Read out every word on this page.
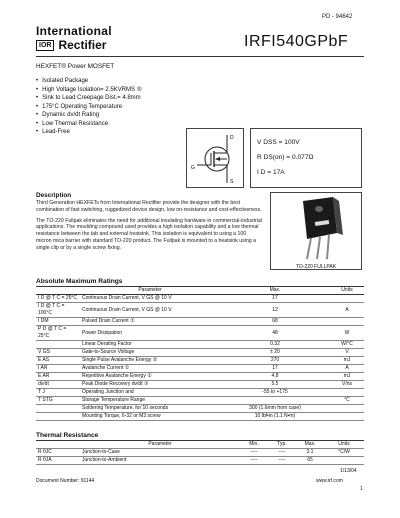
PD - 94642
International
IOR Rectifier	IRFI540GPbF
HEXFET® Power MOSFET
• Isolated Package
• High Voltage Isolation= 2.5KVRMS ⑤
• Sink to Lead Creepage Dist.= 4.8mm
• 175°C Operating Temperature
• Dynamic dv/dt Rating
• Low Thermal Resistance
• Lead-Free
G
D
S
V DSS = 100V
R DS(on) = 0.077Ω
I D = 17A
Description

Third Generation HEXFETs from International Rectifier provide the designer with the best combination of fast switching, ruggedized device design, low on-resistance and cost-effectiveness.

The TO-220 Fullpak eliminates the need for additional insulating hardware in commercial-industrial applications. The moulding compound used provides a high isolation capability and a low thermal resistance between the tab and external heatsink. This isolation is equivalent to using a 100 micron mica barrier with standard TO-220 product. The Fullpak is mounted to a heatsink using a single clip or by a single screw fixing.

TO-220 FULLPAK
Absolute Maximum Ratings
	Parameter	Max.	Units
I D @ T C = 25°C	Continuous Drain Current, V GS @ 10 V	17	
I D @ T C = 100°C	Continuous Drain Current, V GS @ 10 V	12	A
I DM	Pulsed Drain Current ①	68	
P D @ T C = 25°C	Power Dissipation	48	W
	Linear Derating Factor	0.32	W/°C
V GS	Gate-to-Source Voltage	± 20	V
E AS	Single Pulse Avalanche Energy ②	270	mJ
I AR	Avalanche Current ①	17	A
E AR	Repetitive Avalanche Energy ①	4.8	mJ
dv/dt	Peak Diode Recovery dv/dt ③	5.5	V/ns
T J	Operating Junction and	-55 to +175	
T STG	Storage Temperature Range		°C
	Soldering Temperature, for 10 seconds	300 (1.6mm from case)	
	Mounting Torque, 6-32 or M3 screw	10 lbf•in (1.1 N•m)	
Thermal Resistance
	Parameter	Min.	Typ.	Max.	Units
R θJC	Junction-to-Case	----	----	3.1	°C/W
R θJA	Junction-to-Ambient	----	----	65	
1/13/04
Document Number: 91144	www.irf.com
1
